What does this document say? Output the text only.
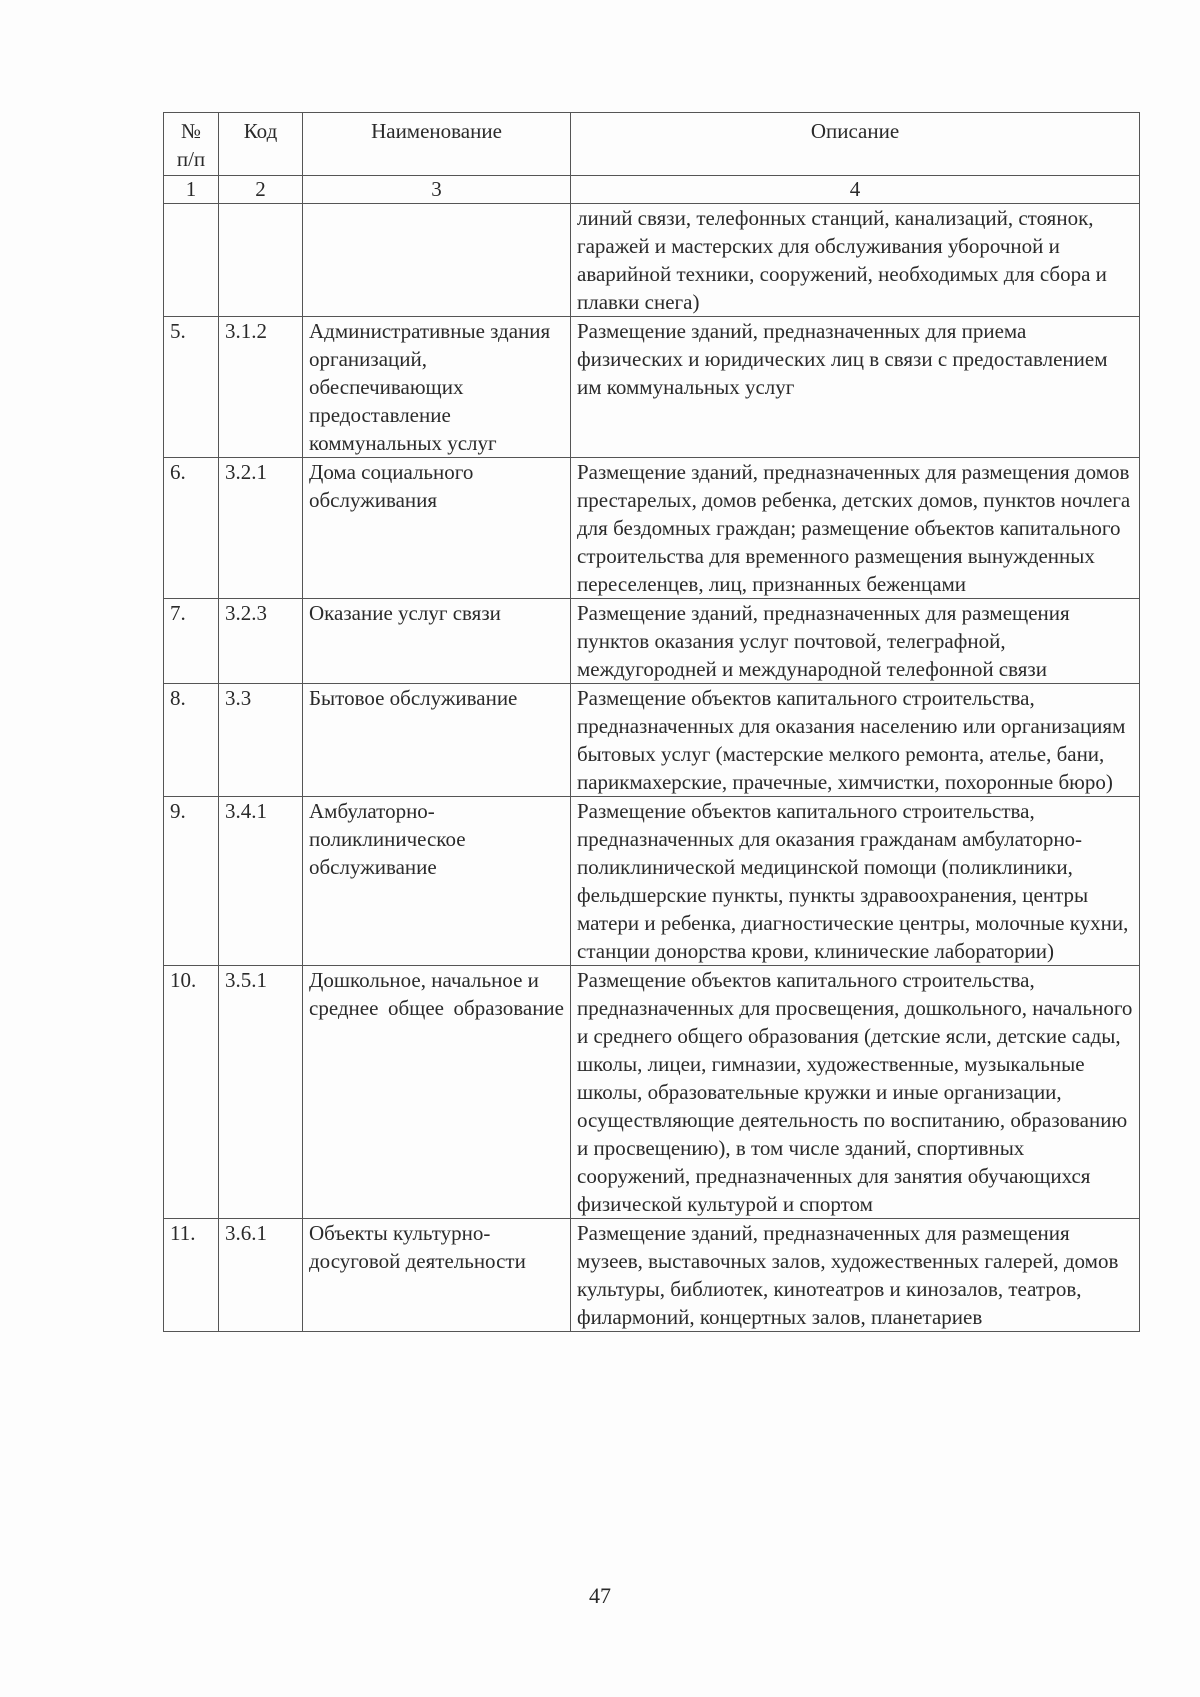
№ п/п	Код	Наименование	Описание
1	2	3	4
			линий связи, телефонных станций, канализаций, стоянок, гаражей и мастерских для обслуживания уборочной и аварийной техники, сооружений, необходимых для сбора и плавки снега)
5.	3.1.2	Административные здания организаций, обеспечивающих предоставление коммунальных услуг	Размещение зданий, предназначенных для приема физических и юридических лиц в связи с предоставлением им коммунальных услуг
6.	3.2.1	Дома социального обслуживания	Размещение зданий, предназначенных для размещения домов престарелых, домов ребенка, детских домов, пунктов ночлега для бездомных граждан; размещение объектов капитального строительства для временного размещения вынужденных переселенцев, лиц, признанных беженцами
7.	3.2.3	Оказание услуг связи	Размещение зданий, предназначенных для размещения пунктов оказания услуг почтовой, телеграфной, междугородней и международной телефонной связи
8.	3.3	Бытовое обслуживание	Размещение объектов капитального строительства, предназначенных для оказания населению или организациям бытовых услуг (мастерские мелкого ремонта, ателье, бани, парикмахерские, прачечные, химчистки, похоронные бюро)
9.	3.4.1	Амбулаторно-поликлиническое обслуживание	Размещение объектов капитального строительства, предназначенных для оказания гражданам амбулаторно-поликлинической медицинской помощи (поликлиники, фельдшерские пункты, пункты здравоохранения, центры матери и ребенка, диагностические центры, молочные кухни, станции донорства крови, клинические лаборатории)
10.	3.5.1	Дошкольное, начальное и среднее общее образование	Размещение объектов капитального строительства, предназначенных для просвещения, дошкольного, начального и среднего общего образования (детские ясли, детские сады, школы, лицеи, гимназии, художественные, музыкальные школы, образовательные кружки и иные организации, осуществляющие деятельность по воспитанию, образованию и просвещению), в том числе зданий, спортивных сооружений, предназначенных для занятия обучающихся физической культурой и спортом
11.	3.6.1	Объекты культурно-досуговой деятельности	Размещение зданий, предназначенных для размещения музеев, выставочных залов, художественных галерей, домов культуры, библиотек, кинотеатров и кинозалов, театров, филармоний, концертных залов, планетариев
47
